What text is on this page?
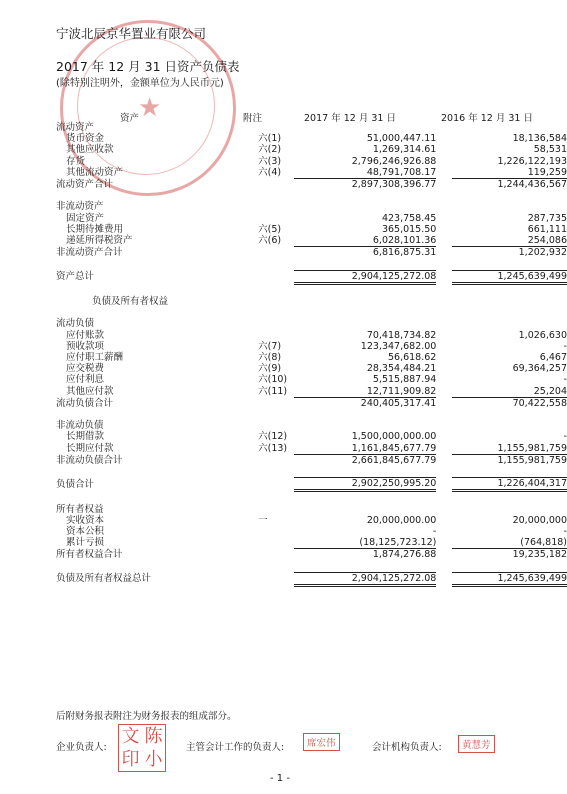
★
宁波北辰京华置业有限公司
2017 年 12 月 31 日资产负债表
(除特别注明外，金额单位为人民币元)
资产	附注	2017 年 12 月 31 日	2016 年 12 月 31 日
流动资产				
货币资金	六(1)	51,000,447.11		18,136,584
其他应收款	六(2)	1,269,314.61		58,531
存货	六(3)	2,796,246,926.88		1,226,122,193
其他流动资产	六(4)	48,791,708.17		119,259
流动资产合计		2,897,308,396.77		1,244,436,567

非流动资产				
固定资产		423,758.45		287,735
长期待摊费用	六(5)	365,015.50		661,111
递延所得税资产	六(6)	6,028,101.36		254,086
非流动资产合计		6,816,875.31		1,202,932

资产总计		2,904,125,272.08		1,245,639,499

负债及所有者权益				

流动负债				
应付账款		70,418,734.82		1,026,630
预收款项	六(7)	123,347,682.00		-
应付职工薪酬	六(8)	56,618.62		6,467
应交税费	六(9)	28,354,484.21		69,364,257
应付利息	六(10)	5,515,887.94		-
其他应付款	六(11)	12,711,909.82		25,204
流动负债合计		240,405,317.41		70,422,558

非流动负债				
长期借款	六(12)	1,500,000,000.00		-
长期应付款	六(13)	1,161,845,677.79		1,155,981,759
非流动负债合计		2,661,845,677.79		1,155,981,759

负债合计		2,902,250,995.20		1,226,404,317

所有者权益				
实收资本	一	20,000,000.00		20,000,000
资本公积		-		-
累计亏损		(18,125,723.12)		(764,818)
所有者权益合计		1,874,276.88		19,235,182

负债及所有者权益总计		2,904,125,272.08		1,245,639,499
后附财务报表附注为财务报表的组成部分。
企业负责人:
文 陈
印 小
主管会计工作的负责人:	席宏伟	会计机构负责人:	黄慧芳
- 1 -
